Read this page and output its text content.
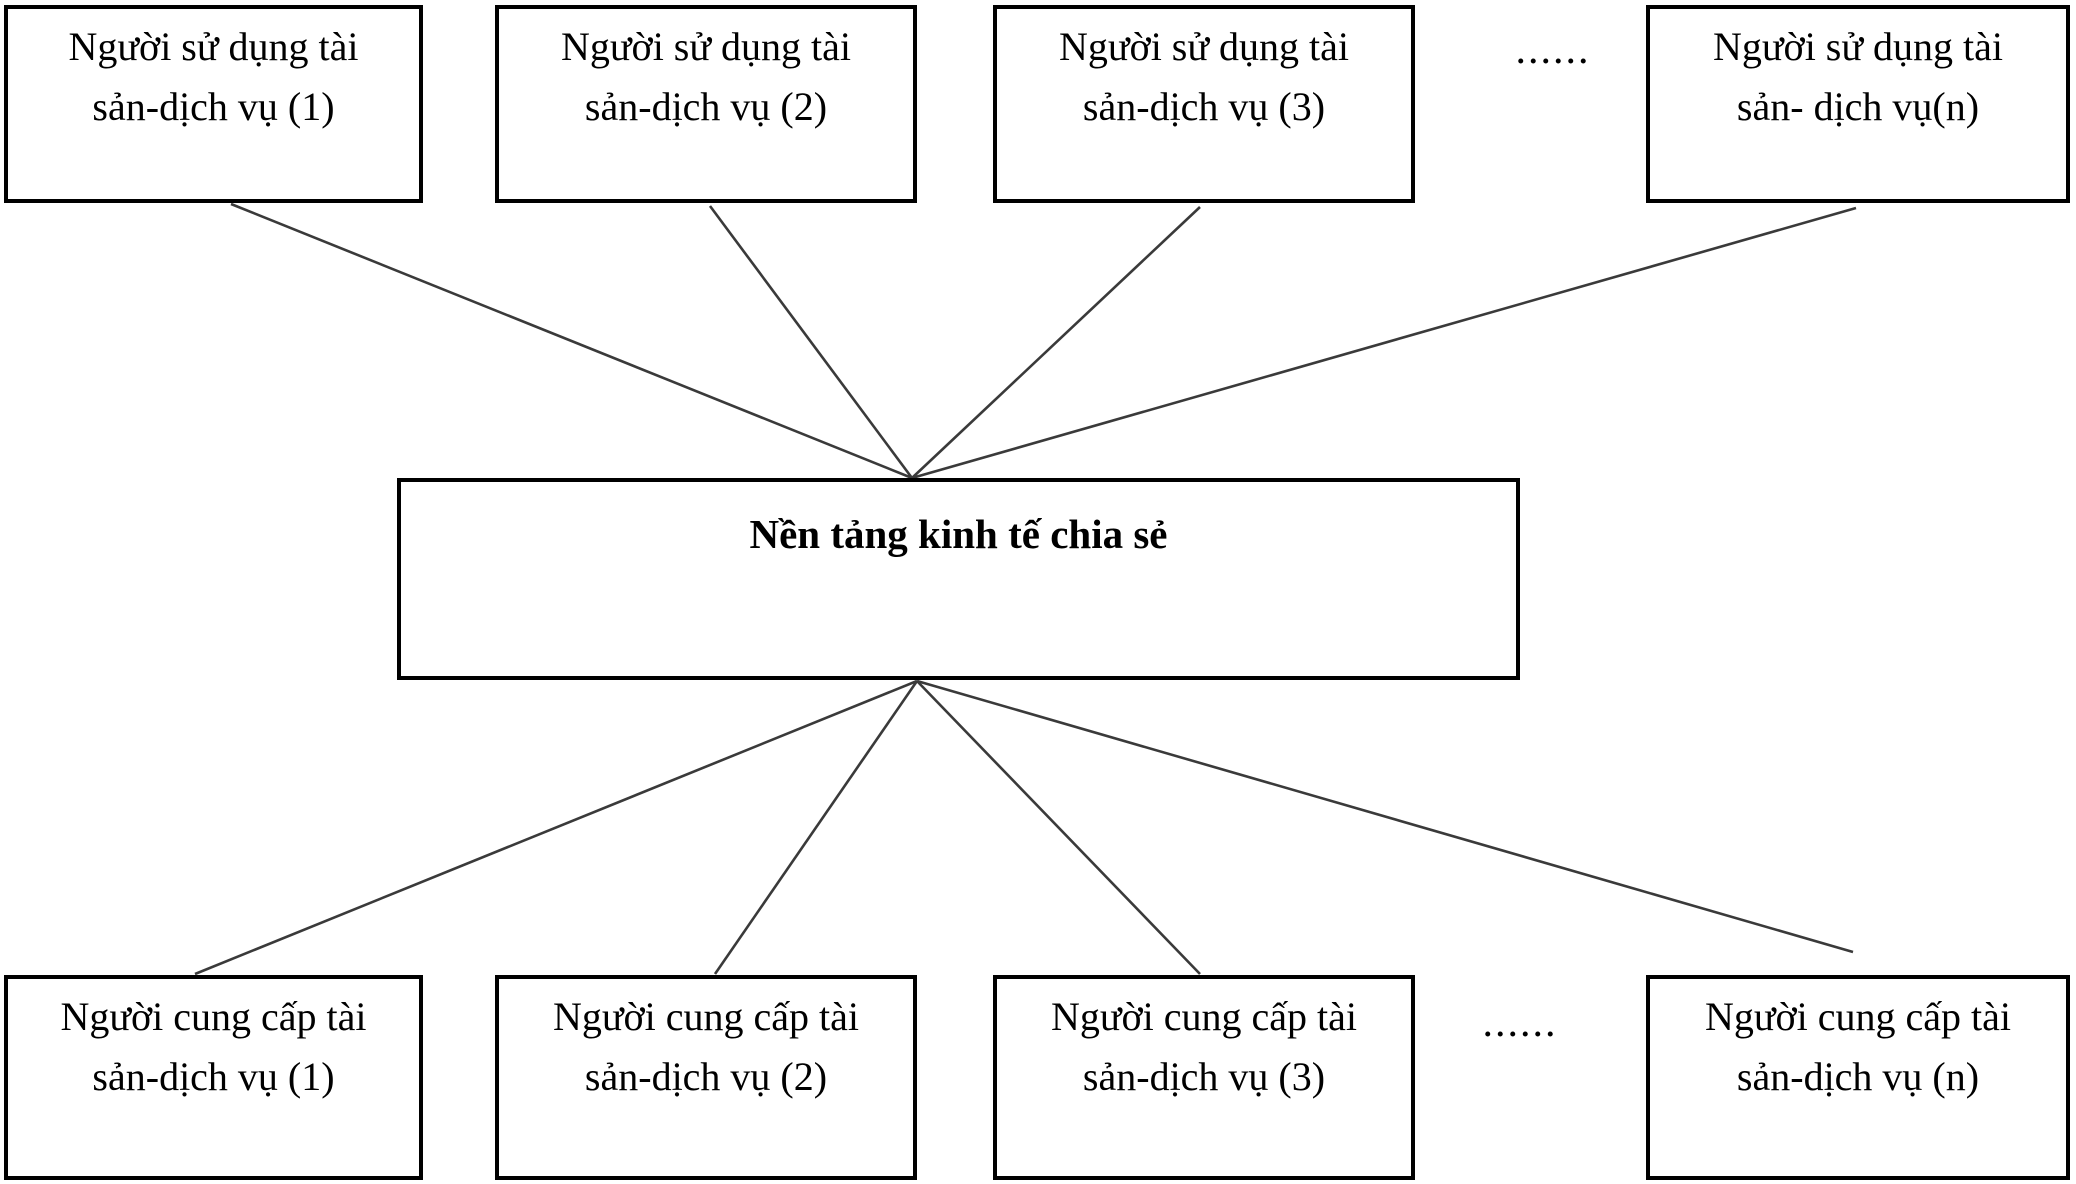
Người sử dụng tài
sản-dịch vụ (1)
Người sử dụng tài
sản-dịch vụ (2)
Người sử dụng tài
sản-dịch vụ (3)
......	Người sử dụng tài
sản- dịch vụ(n)
Nền tảng kinh tế chia sẻ
Người cung cấp tài
sản-dịch vụ (1)
Người cung cấp tài
sản-dịch vụ (2)
Người cung cấp tài
sản-dịch vụ (3)
......	Người cung cấp tài
sản-dịch vụ (n)
